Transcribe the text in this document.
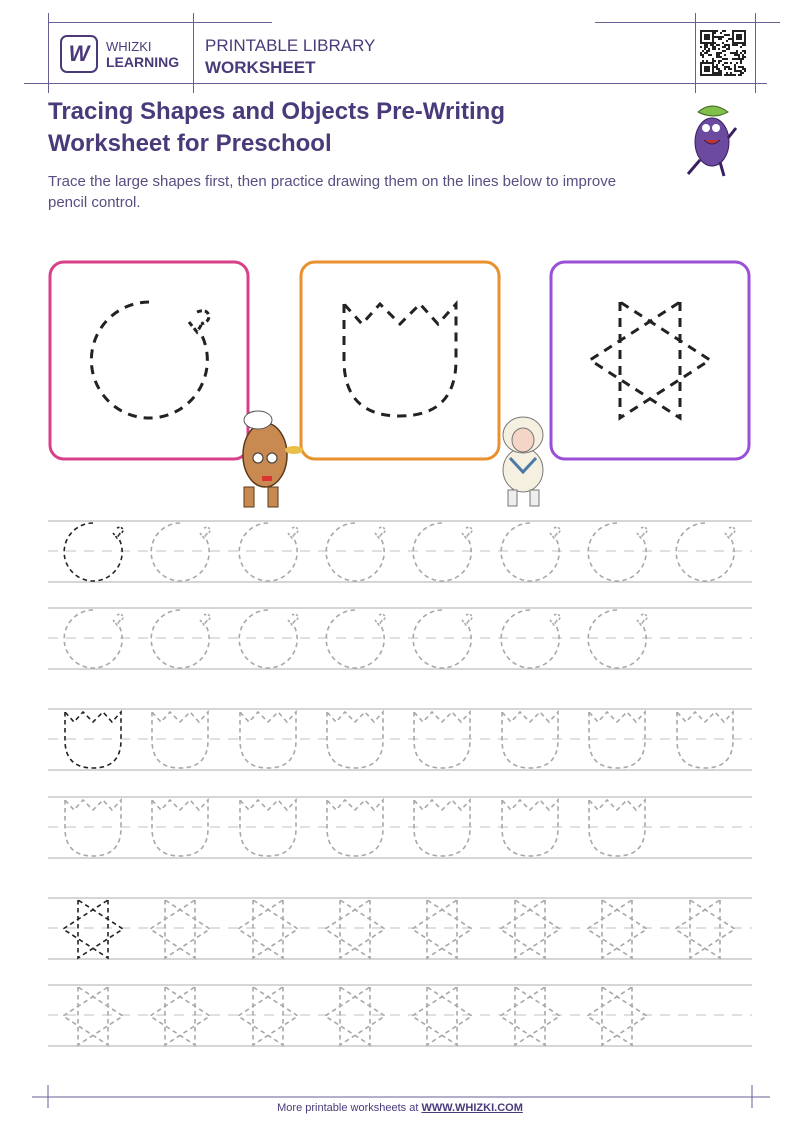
W WHIZKI
LEARNING
PRINTABLE LIBRARY
WORKSHEET
Tracing Shapes and Objects Pre-Writing Worksheet for Preschool

Trace the large shapes first, then practice drawing them on the lines below to improve pencil control.

More printable worksheets at WWW.WHIZKI.COM
